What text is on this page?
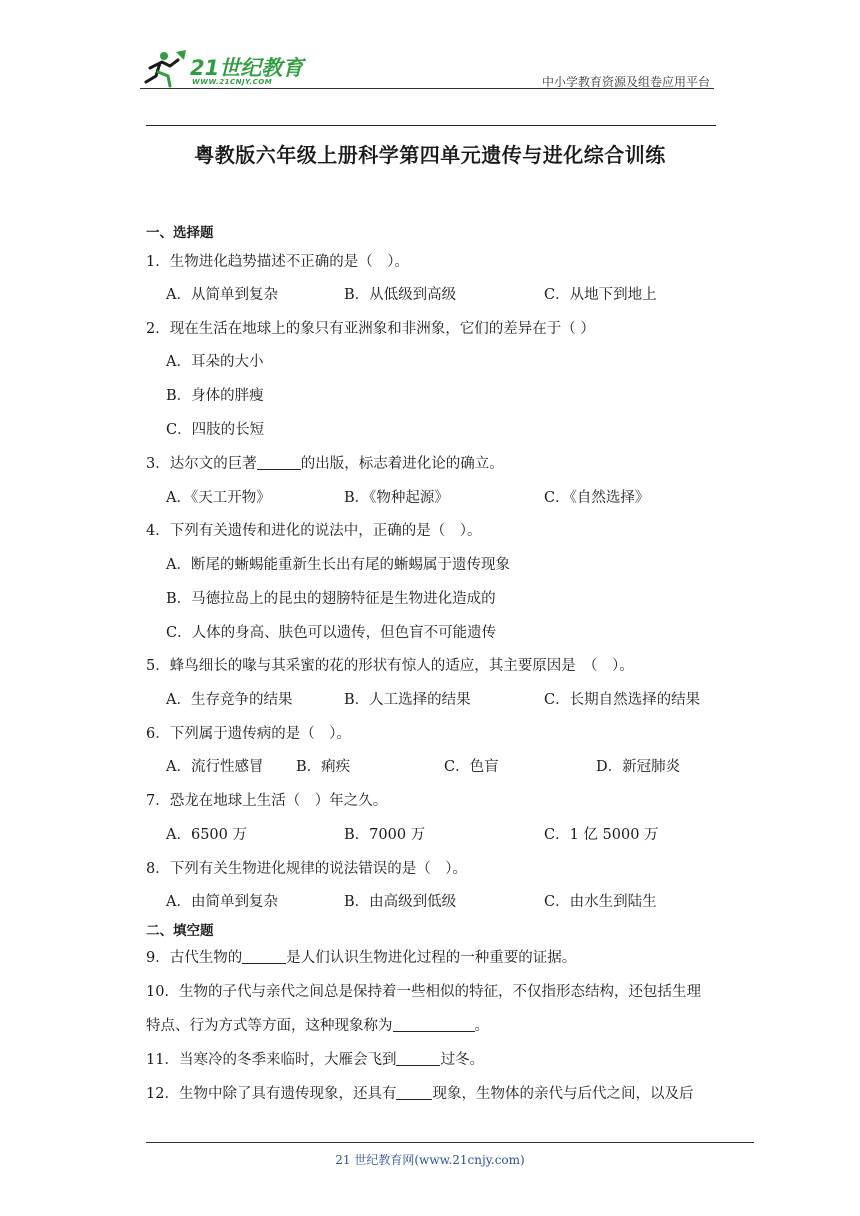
21世纪教育
WWW.21CNJY.COM	中小学教育资源及组卷应用平台
粤教版六年级上册科学第四单元遗传与进化综合训练
一、选择题
1．生物进化趋势描述不正确的是（　）。
A．从简单到复杂	B．从低级到高级	C．从地下到地上
2．现在生活在地球上的象只有亚洲象和非洲象，它们的差异在于（ ）
A．耳朵的大小
B．身体的胖瘦
C．四肢的长短
3．达尔文的巨著	的出版，标志着进化论的确立。
A．《天工开物》	B．《物种起源》	C．《自然选择》
4．下列有关遗传和进化的说法中，正确的是（　）。
A．断尾的蜥蜴能重新生长出有尾的蜥蜴属于遗传现象
B．马德拉岛上的昆虫的翅膀特征是生物进化造成的
C．人体的身高、肤色可以遗传，但色盲不可能遗传
5．蜂鸟细长的喙与其采蜜的花的形状有惊人的适应，其主要原因是　（　）。
A．生存竞争的结果	B．人工选择的结果	C．长期自然选择的结果
6．下列属于遗传病的是（　）。
A．流行性感冒 B．痢疾	C．色盲	D．新冠肺炎
7．恐龙在地球上生活（　）年之久。
A．6500 万	B．7000 万	C．1 亿 5000 万
8．下列有关生物进化规律的说法错误的是（　）。
A．由简单到复杂	B．由高级到低级	C．由水生到陆生
二、填空题
9．古代生物的	是人们认识生物进化过程的一种重要的证据。
10．生物的子代与亲代之间总是保持着一些相似的特征，不仅指形态结构，还包括生理
特点、行为方式等方面，这种现象称为	。
11．当寒冷的冬季来临时，大雁会飞到	过冬。
12．生物中除了具有遗传现象，还具有 现象，生物体的亲代与后代之间，以及后
21 世纪教育网(www.21cnjy.com)
